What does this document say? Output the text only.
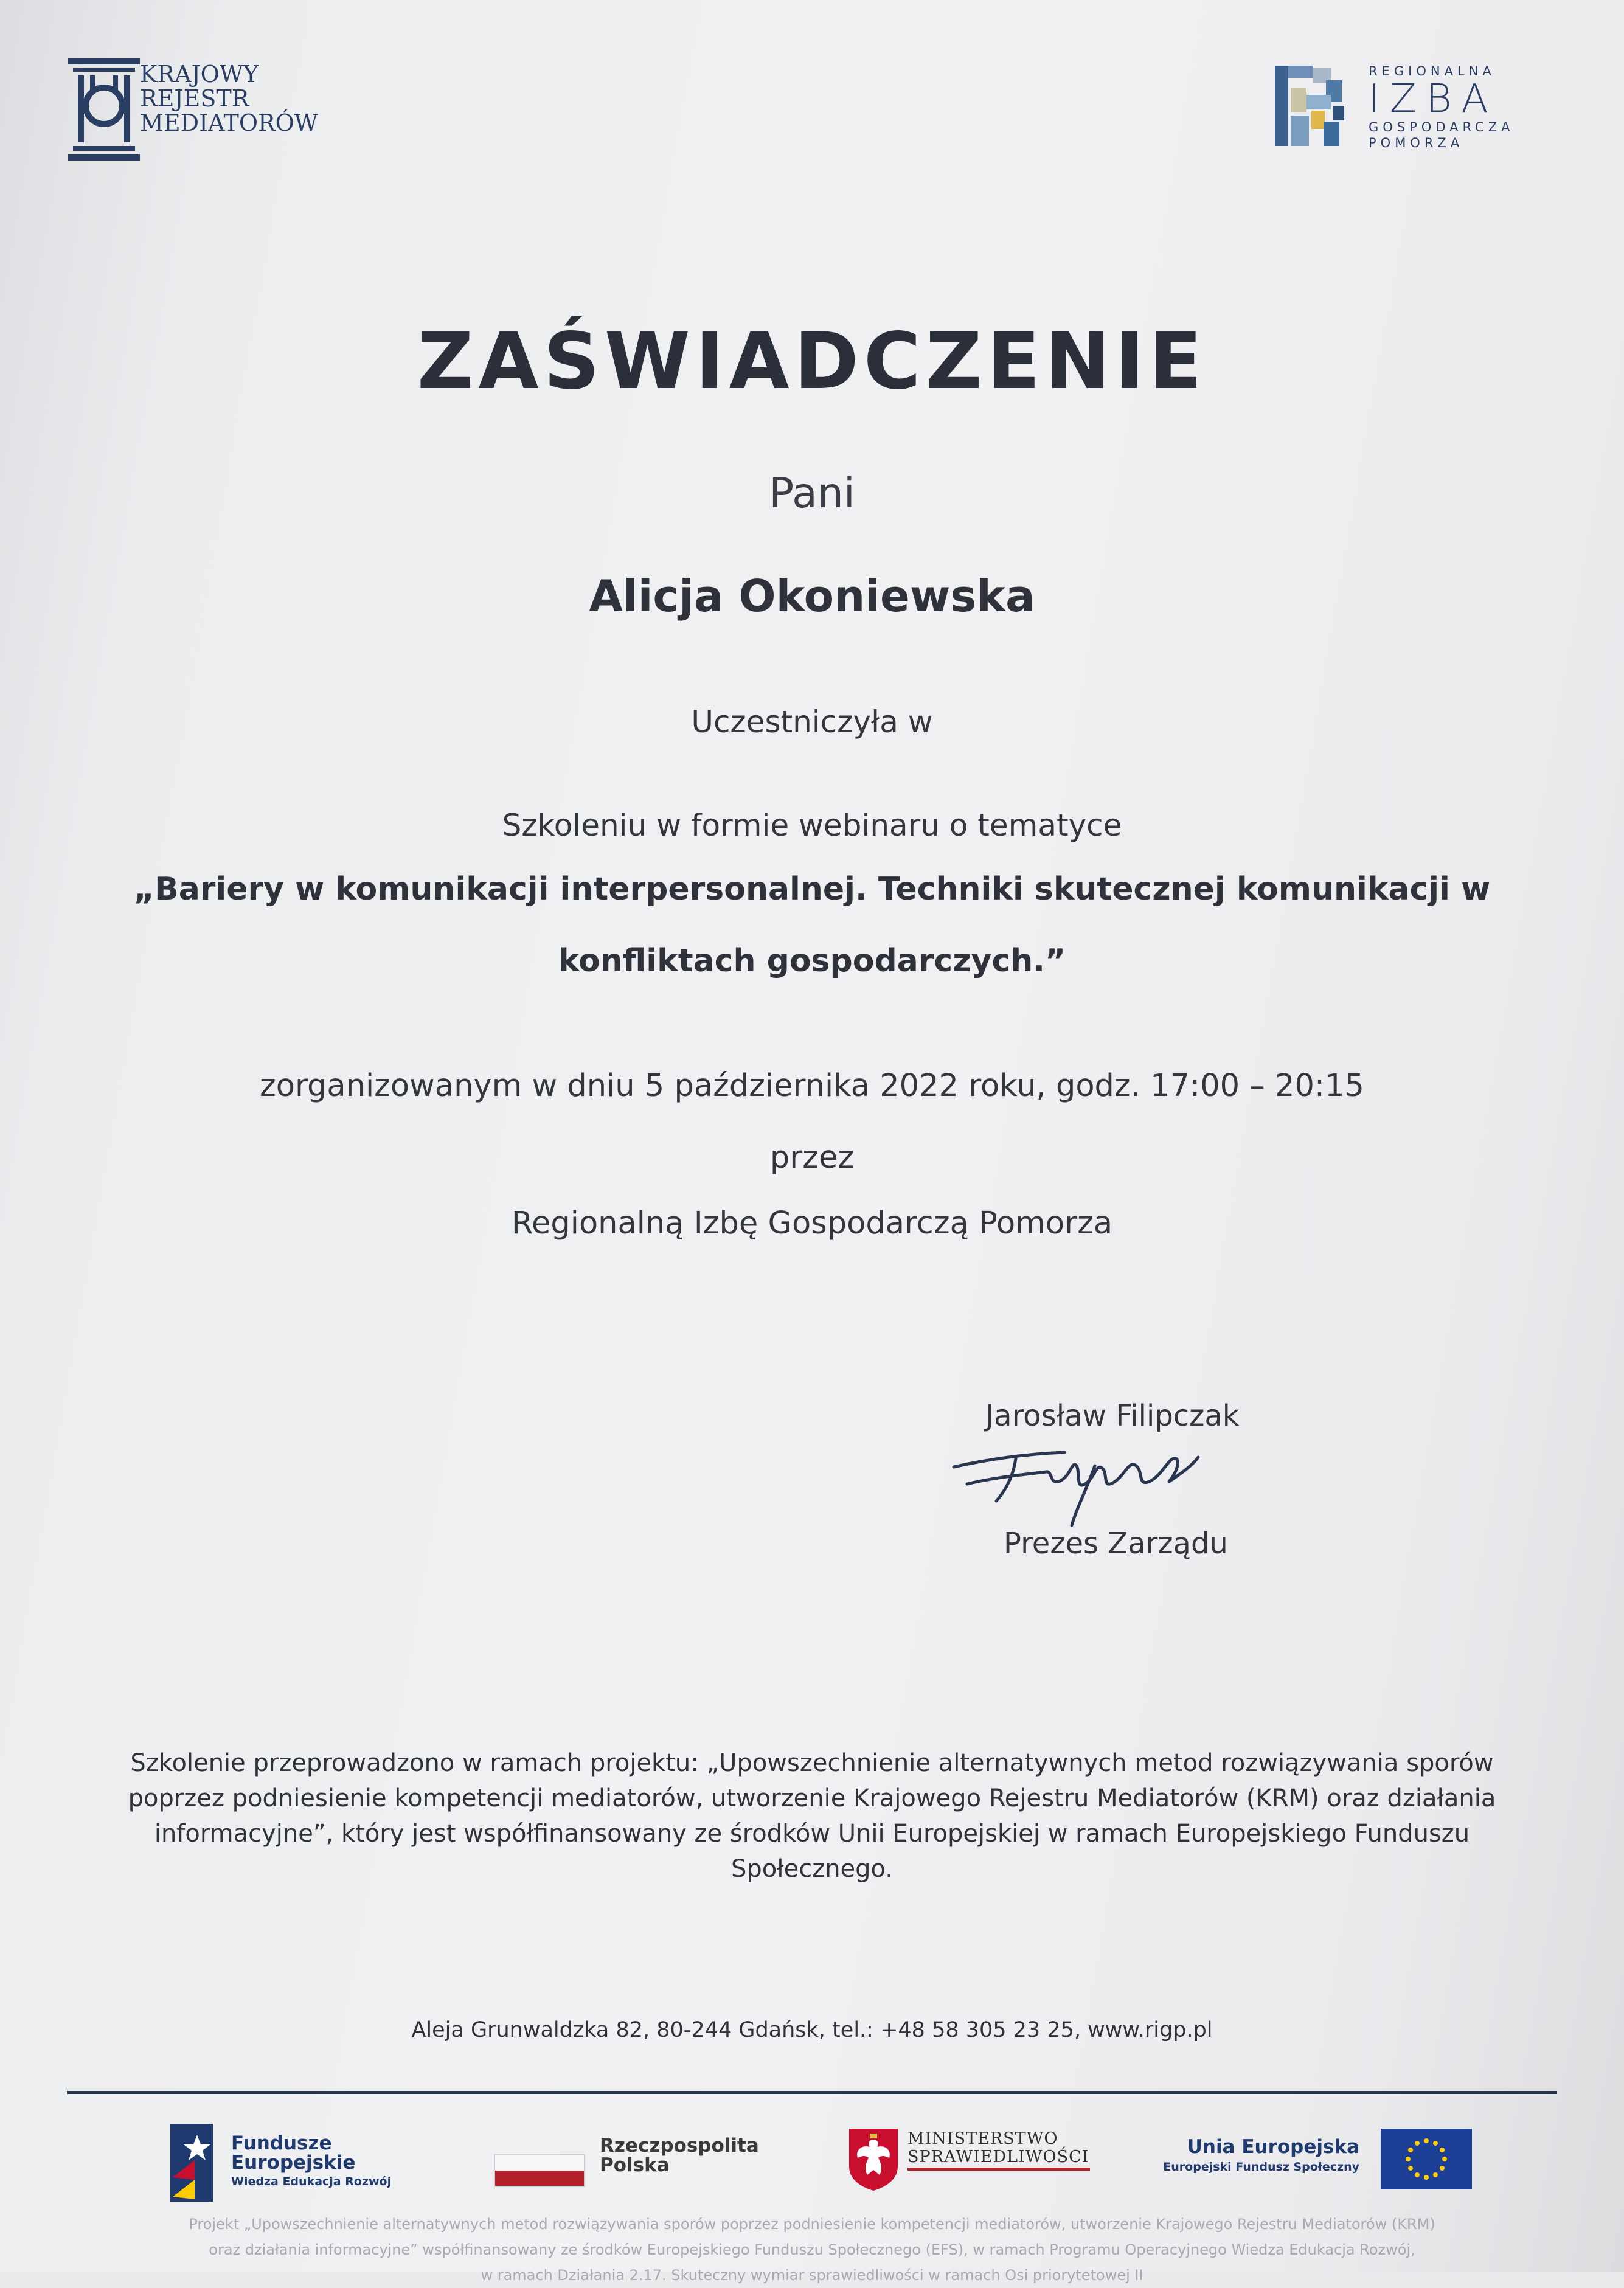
KRAJOWY
REJESTR
MEDIATORÓW
REGIONALNA
IZBA
GOSPODARCZA
POMORZA
ZAŚWIADCZENIE
Pani
Alicja Okoniewska
Uczestniczyła w
Szkoleniu w formie webinaru o tematyce
„Bariery w komunikacji interpersonalnej. Techniki skutecznej komunikacji w
konfliktach gospodarczych.”
zorganizowanym w dniu 5 października 2022 roku, godz. 17:00 – 20:15
przez
Regionalną Izbę Gospodarczą Pomorza
Jarosław Filipczak
Prezes Zarządu
Szkolenie przeprowadzono w ramach projektu: „Upowszechnienie alternatywnych metod rozwiązywania sporów
poprzez podniesienie kompetencji mediatorów, utworzenie Krajowego Rejestru Mediatorów (KRM) oraz działania
informacyjne”, który jest współfinansowany ze środków Unii Europejskiej w ramach Europejskiego Funduszu
Społecznego.
Aleja Grunwaldzka 82, 80-244 Gdańsk, tel.: +48 58 305 23 25, www.rigp.pl
Fundusze
Europejskie
Wiedza Edukacja Rozwój
Rzeczpospolita
Polska
MINISTERSTWO
SPRAWIEDLIWOŚCI	Unia Europejska
Europejski Fundusz Społeczny
Projekt „Upowszechnienie alternatywnych metod rozwiązywania sporów poprzez podniesienie kompetencji mediatorów, utworzenie Krajowego Rejestru Mediatorów (KRM)
oraz działania informacyjne” współfinansowany ze środków Europejskiego Funduszu Społecznego (EFS), w ramach Programu Operacyjnego Wiedza Edukacja Rozwój,
w ramach Działania 2.17. Skuteczny wymiar sprawiedliwości w ramach Osi priorytetowej II
